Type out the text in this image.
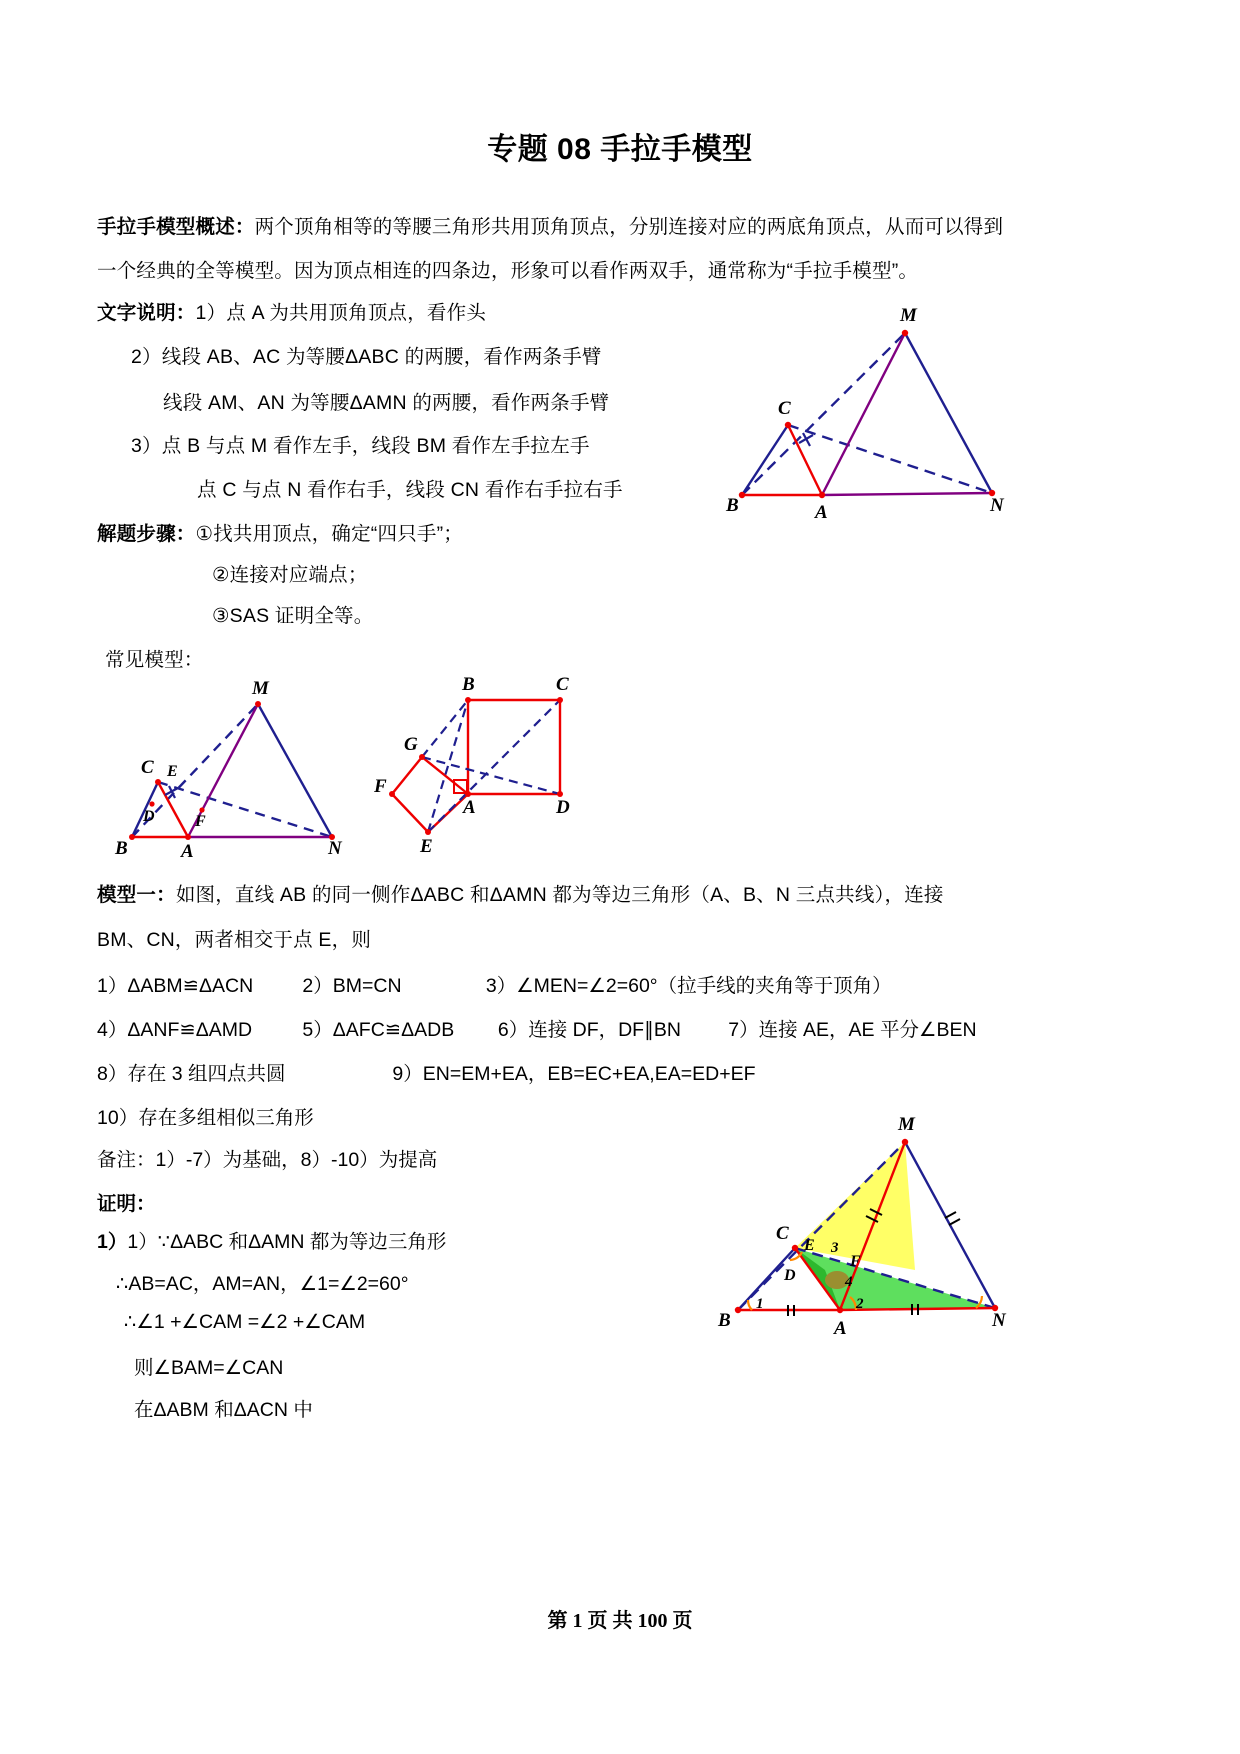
专题 08 手拉手模型
手拉手模型概述：两个顶角相等的等腰三角形共用顶角顶点，分别连接对应的两底角顶点，从而可以得到
一个经典的全等模型。因为顶点相连的四条边，形象可以看作两双手，通常称为“手拉手模型”。
文字说明：1）点 A 为共用顶角顶点，看作头
2）线段 AB、AC 为等腰ΔABC 的两腰，看作两条手臂
线段 AM、AN 为等腰ΔAMN 的两腰，看作两条手臂
3）点 B 与点 M 看作左手，线段 BM 看作左手拉左手
点 C 与点 N 看作右手，线段 CN 看作右手拉右手
解题步骤：①找共用顶点，确定“四只手”；
②连接对应端点；
③SAS 证明全等。
常见模型：
M
C
B	A	N
M
C E
D	F
B	A	N
B	C
G
F
A	D
E
模型一：如图，直线 AB 的同一侧作ΔABC 和ΔAMN 都为等边三角形（A、B、N 三点共线），连接
BM、CN，两者相交于点 E，则
1）ΔABM≌ΔACN	2）BM=CN	3）∠MEN=∠2=60°（拉手线的夹角等于顶角）
4）ΔANF≌ΔAMD	5）ΔAFC≌ΔADB 6）连接 DF，DF∥BN 7）连接 AE，AE 平分∠BEN
8）存在 3 组四点共圆	9）EN=EM+EA，EB=EC+EA,EA=ED+EF
10）存在多组相似三角形
备注：1）-7）为基础，8）-10）为提高
证明：
1）1）∵ΔABC 和ΔAMN 都为等边三角形
∴AB=AC，AM=AN，∠1=∠2=60°
∴∠1 +∠CAM =∠2 +∠CAM
则∠BAM=∠CAN
在ΔABM 和ΔACN 中
M
C
E
D
F
B	A	N
1	2
3
4
第 1 页 共 100 页
